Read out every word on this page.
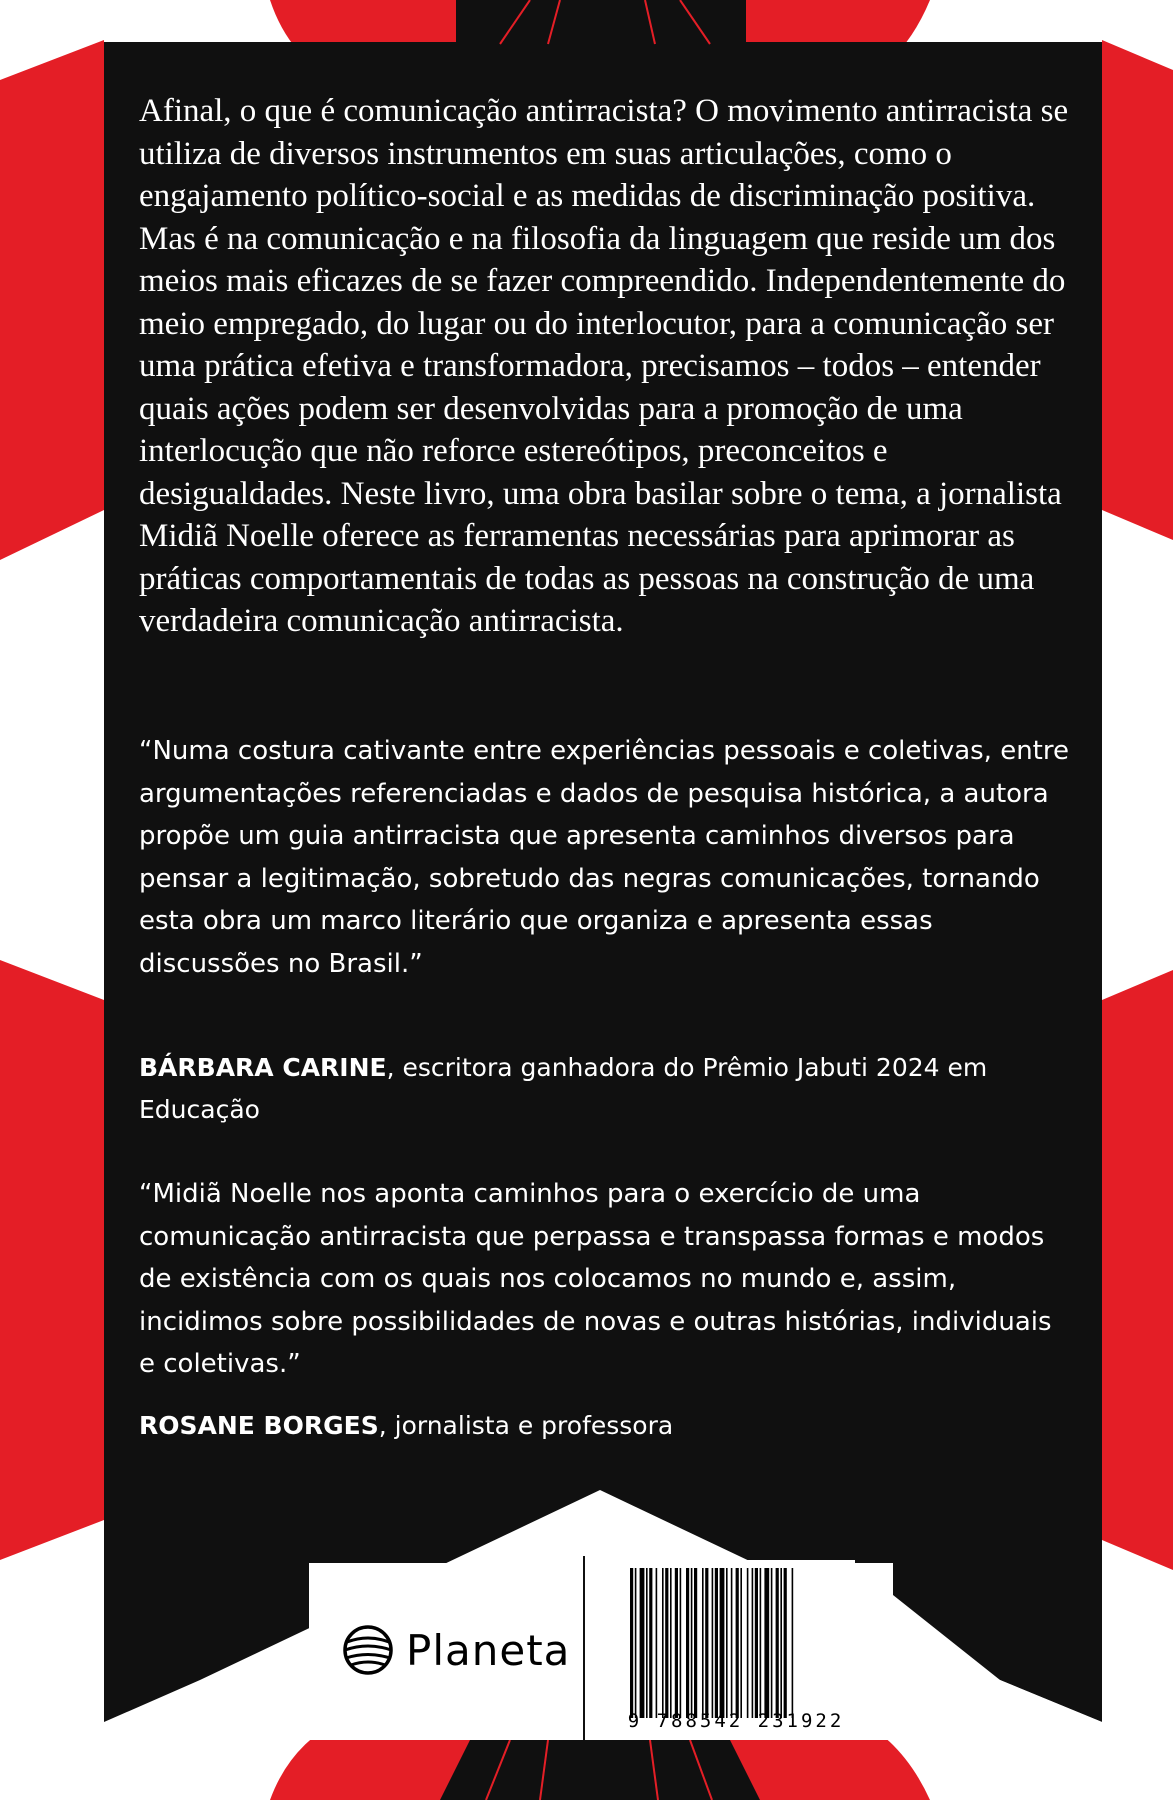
Afinal, o que é comunicação antirracista? O movimento antirracista se utiliza de diversos instrumentos em suas articulações, como o engajamento político-social e as medidas de discriminação positiva. Mas é na comunicação e na filosofia da linguagem que reside um dos meios mais eficazes de se fazer compreendido. Independentemente do meio empregado, do lugar ou do interlocutor, para a comunicação ser uma prática efetiva e transformadora, precisamos – todos – entender quais ações podem ser desenvolvidas para a promoção de uma interlocução que não reforce estereótipos, preconceitos e desigualdades. Neste livro, uma obra basilar sobre o tema, a jornalista Midiã Noelle oferece as ferramentas necessárias para aprimorar as práticas comportamentais de todas as pessoas na construção de uma verdadeira comunicação antirracista.

“Numa costura cativante entre experiências pessoais e coletivas, entre argumentações referenciadas e dados de pesquisa histórica, a autora propõe um guia antirracista que apresenta caminhos diversos para pensar a legitimação, sobretudo das negras comunicações, tornando esta obra um marco literário que organiza e apresenta essas discussões no Brasil.”

BÁRBARA CARINE, escritora ganhadora do Prêmio Jabuti 2024 em Educação

“Midiã Noelle nos aponta caminhos para o exercício de uma comunicação antirracista que perpassa e transpassa formas e modos de existência com os quais nos colocamos no mundo e, assim, incidimos sobre possibilidades de novas e outras histórias, individuais e coletivas.”

ROSANE BORGES, jornalista e professora

Planeta
9 788542 231922
